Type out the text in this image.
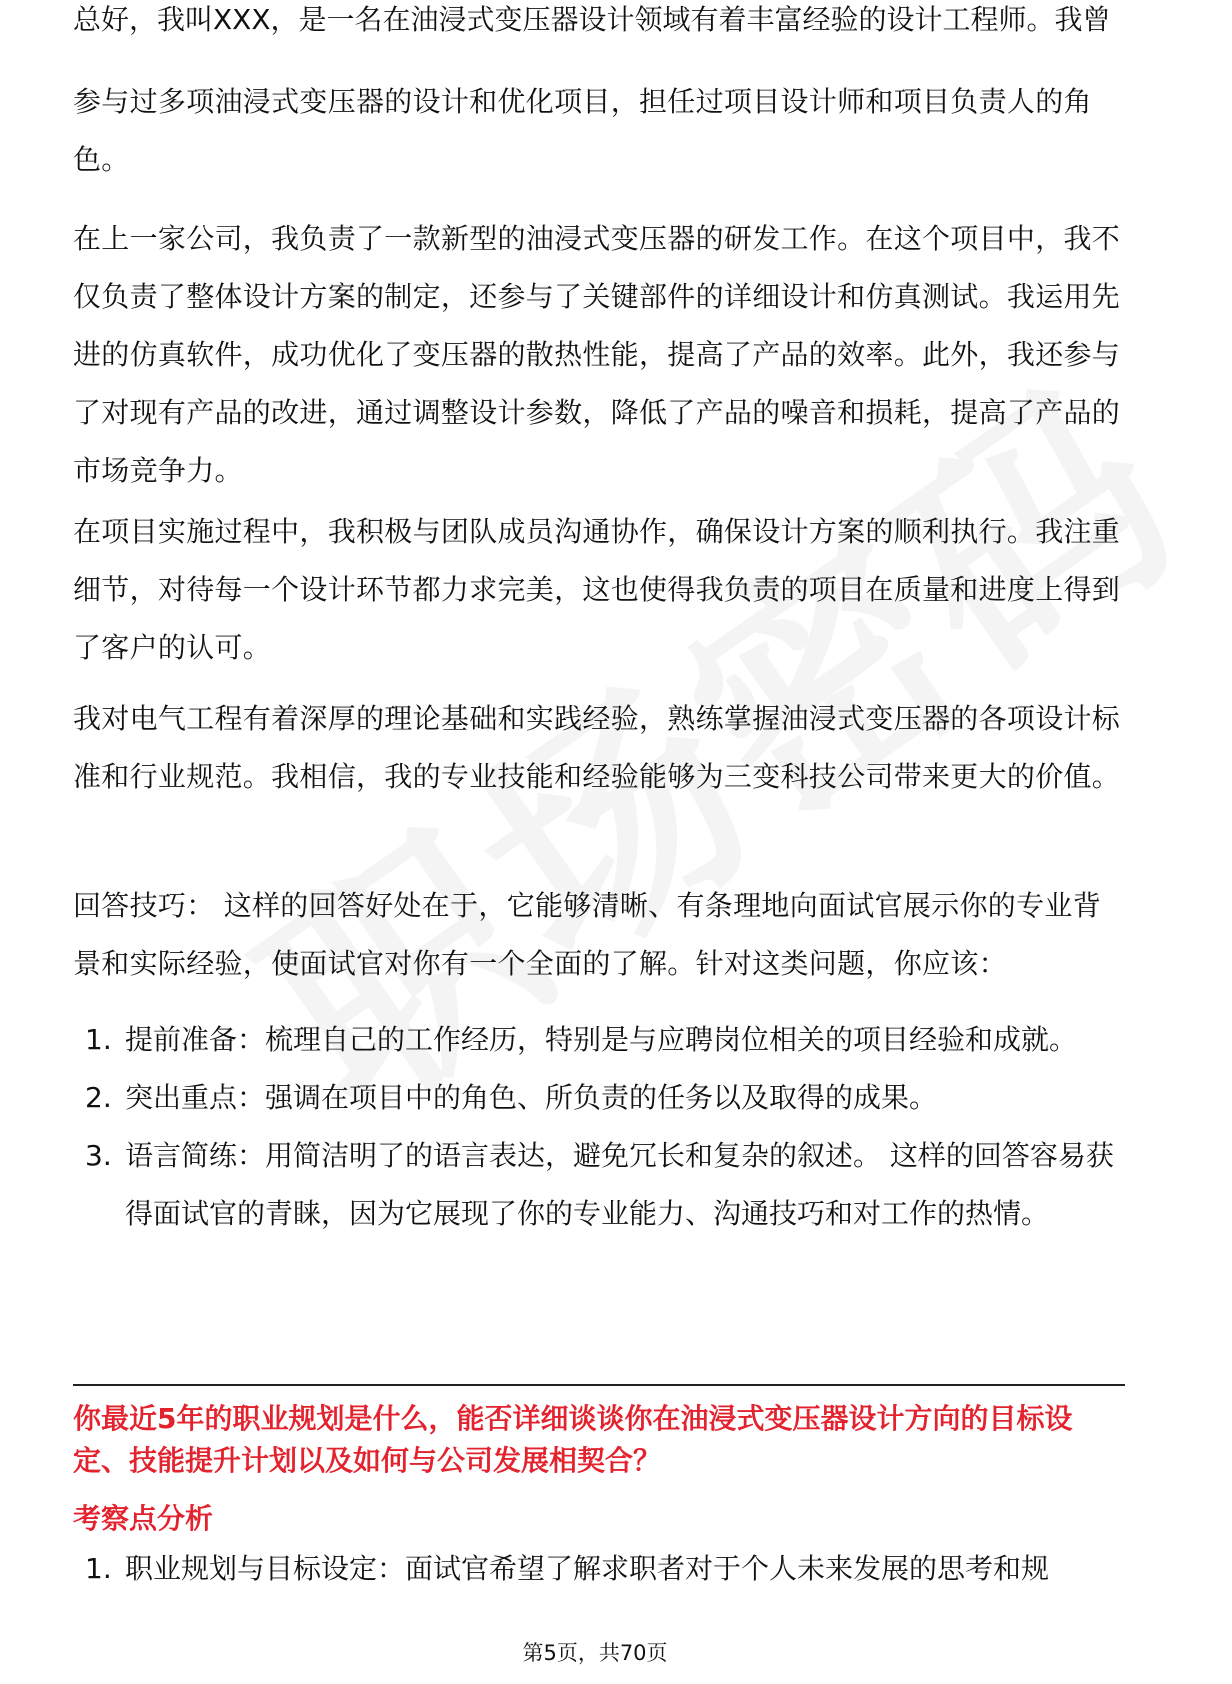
总好，我叫XXX，是一名在油浸式变压器设计领域有着丰富经验的设计工程师。我曾

参与过多项油浸式变压器的设计和优化项目，担任过项目设计师和项目负责人的角色。

在上一家公司，我负责了一款新型的油浸式变压器的研发工作。在这个项目中，我不仅负责了整体设计方案的制定，还参与了关键部件的详细设计和仿真测试。我运用先进的仿真软件，成功优化了变压器的散热性能，提高了产品的效率。此外，我还参与了对现有产品的改进，通过调整设计参数，降低了产品的噪音和损耗，提高了产品的市场竞争力。

在项目实施过程中，我积极与团队成员沟通协作，确保设计方案的顺利执行。我注重细节，对待每一个设计环节都力求完美，这也使得我负责的项目在质量和进度上得到了客户的认可。

我对电气工程有着深厚的理论基础和实践经验，熟练掌握油浸式变压器的各项设计标准和行业规范。我相信，我的专业技能和经验能够为三变科技公司带来更大的价值。

回答技巧： 这样的回答好处在于，它能够清晰、有条理地向面试官展示你的专业背景和实际经验，使面试官对你有一个全面的了解。针对这类问题，你应该：

1. 提前准备：梳理自己的工作经历，特别是与应聘岗位相关的项目经验和成就。
2. 突出重点：强调在项目中的角色、所负责的任务以及取得的成果。
3. 语言简练：用简洁明了的语言表达，避免冗长和复杂的叙述。 这样的回答容易获得面试官的青睐，因为它展现了你的专业能力、沟通技巧和对工作的热情。
你最近5年的职业规划是什么，能否详细谈谈你在油浸式变压器设计方向的目标设定、技能提升计划以及如何与公司发展相契合？
考察点分析
1. 职业规划与目标设定：面试官希望了解求职者对于个人未来发展的思考和规
第5页，共70页
